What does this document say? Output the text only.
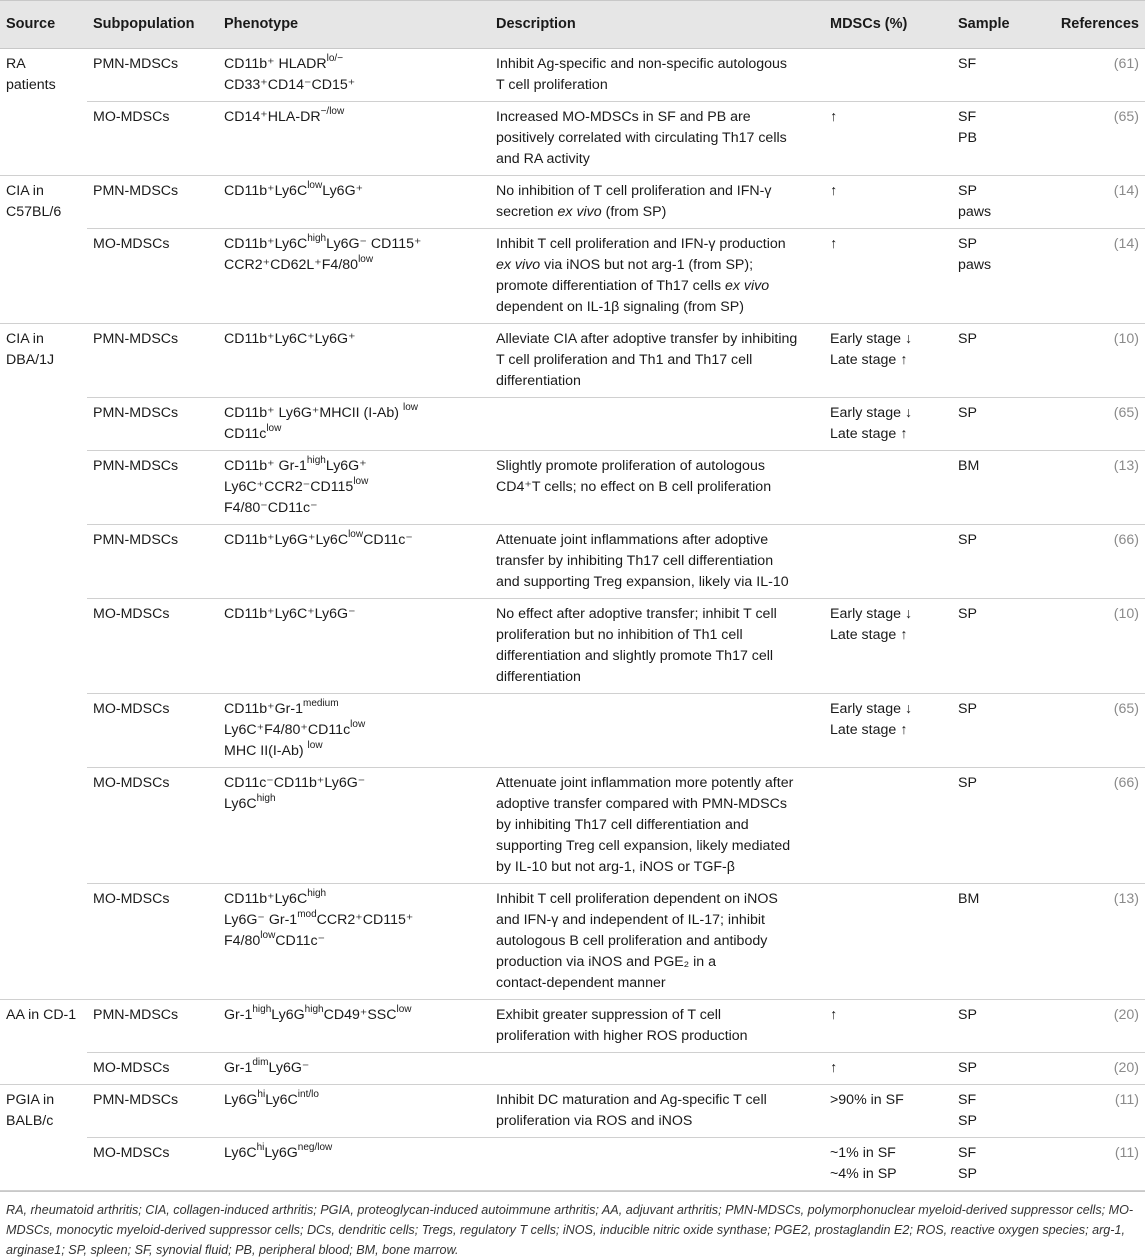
Source	Subpopulation	Phenotype	Description	MDSCs (%)	Sample	References

RA
patients	PMN-MDSCs	CD11b⁺ $HLADR^{lo/-}$
CD33⁺CD14⁻CD15⁺	Inhibit Ag-specific and non-specific autologous
T cell proliferation		SF	(61)

	MO-MDSCs	$CD14^+HLA-DR^{-/low}$	Increased MO-MDSCs in SF and PB are
positively correlated with circulating Th17 cells
and RA activity	↑	SF
PB	(65)

CIA in
C57BL/6	PMN-MDSCs	$CD11b^+Ly6C^{low}Ly6G^+$	No inhibition of T cell proliferation and IFN-γ
secretion ex vivo (from SP)	↑	SP
paws	(14)

	MO-MDSCs	$CD11b^+Ly6C^{high}Ly6G^-$ CD115⁺
$CCR2^+CD62L^+F4/80^{low}$	Inhibit T cell proliferation and IFN-γ production
ex vivo via iNOS but not arg-1 (from SP);
promote differentiation of Th17 cells ex vivo
dependent on IL-1β signaling (from SP)	↑	SP
paws	(14)

CIA in
DBA/1J	PMN-MDSCs	CD11b⁺Ly6C⁺Ly6G⁺	Alleviate CIA after adoptive transfer by inhibiting
T cell proliferation and Th1 and Th17 cell
differentiation	Early stage ↓
Late stage ↑	SP	(10)

	PMN-MDSCs	CD11b⁺ Ly6G⁺MHCII (I-Ab) $^{low}$
$CD11c^{low}$		Early stage ↓
Late stage ↑	SP	(65)

	PMN-MDSCs	CD11b⁺ $Gr-1^{high}Ly6G^+$
$Ly6C^+CCR2^-CD115^{low}$
F4/80⁻CD11c⁻	Slightly promote proliferation of autologous
CD4⁺T cells; no effect on B cell proliferation		BM	(13)

	PMN-MDSCs	$CD11b^+Ly6G^+Ly6C^{low}CD11c^-$	Attenuate joint inflammations after adoptive
transfer by inhibiting Th17 cell differentiation
and supporting Treg expansion, likely via IL-10		SP	(66)

	MO-MDSCs	CD11b⁺Ly6C⁺Ly6G⁻	No effect after adoptive transfer; inhibit T cell
proliferation but no inhibition of Th1 cell
differentiation and slightly promote Th17 cell
differentiation	Early stage ↓
Late stage ↑	SP	(10)

	MO-MDSCs	$CD11b^+Gr-1^{medium}$
$Ly6C^+F4/80^+CD11c^{low}$
MHC II(I-Ab) $^{low}$		Early stage ↓
Late stage ↑	SP	(65)

	MO-MDSCs	CD11c⁻CD11b⁺Ly6G⁻
$Ly6C^{high}$	Attenuate joint inflammation more potently after
adoptive transfer compared with PMN-MDSCs
by inhibiting Th17 cell differentiation and
supporting Treg cell expansion, likely mediated
by IL-10 but not arg-1, iNOS or TGF-β		SP	(66)

	MO-MDSCs	$CD11b^+Ly6C^{high}$
Ly6G⁻ $Gr-1^{mod}CCR2^+CD115^+$
$F4/80^{low}CD11c^-$	Inhibit T cell proliferation dependent on iNOS
and IFN-γ and independent of IL-17; inhibit
autologous B cell proliferation and antibody
production via iNOS and PGE₂ in a
contact-dependent manner		BM	(13)

AA in CD-1	PMN-MDSCs	$Gr-1^{high}Ly6G^{high}CD49^+SSC^{low}$	Exhibit greater suppression of T cell
proliferation with higher ROS production	↑	SP	(20)

	MO-MDSCs	$Gr-1^{dim}Ly6G^-$		↑	SP	(20)

PGIA in
BALB/c	PMN-MDSCs	$Ly6G^{hi}Ly6C^{int/lo}$	Inhibit DC maturation and Ag-specific T cell
proliferation via ROS and iNOS	>90% in SF	SF
SP	(11)

	MO-MDSCs	$Ly6C^{hi}Ly6G^{neg/low}$		~1% in SF
~4% in SP	SF
SP	(11)
RA, rheumatoid arthritis; CIA, collagen-induced arthritis; PGIA, proteoglycan-induced autoimmune arthritis; AA, adjuvant arthritis; PMN-MDSCs, polymorphonuclear myeloid-derived suppressor cells; MO-MDSCs, monocytic myeloid-derived suppressor cells; DCs, dendritic cells; Tregs, regulatory T cells; iNOS, inducible nitric oxide synthase; PGE2, prostaglandin E2; ROS, reactive oxygen species; arg-1, arginase1; SP, spleen; SF, synovial fluid; PB, peripheral blood; BM, bone marrow.
